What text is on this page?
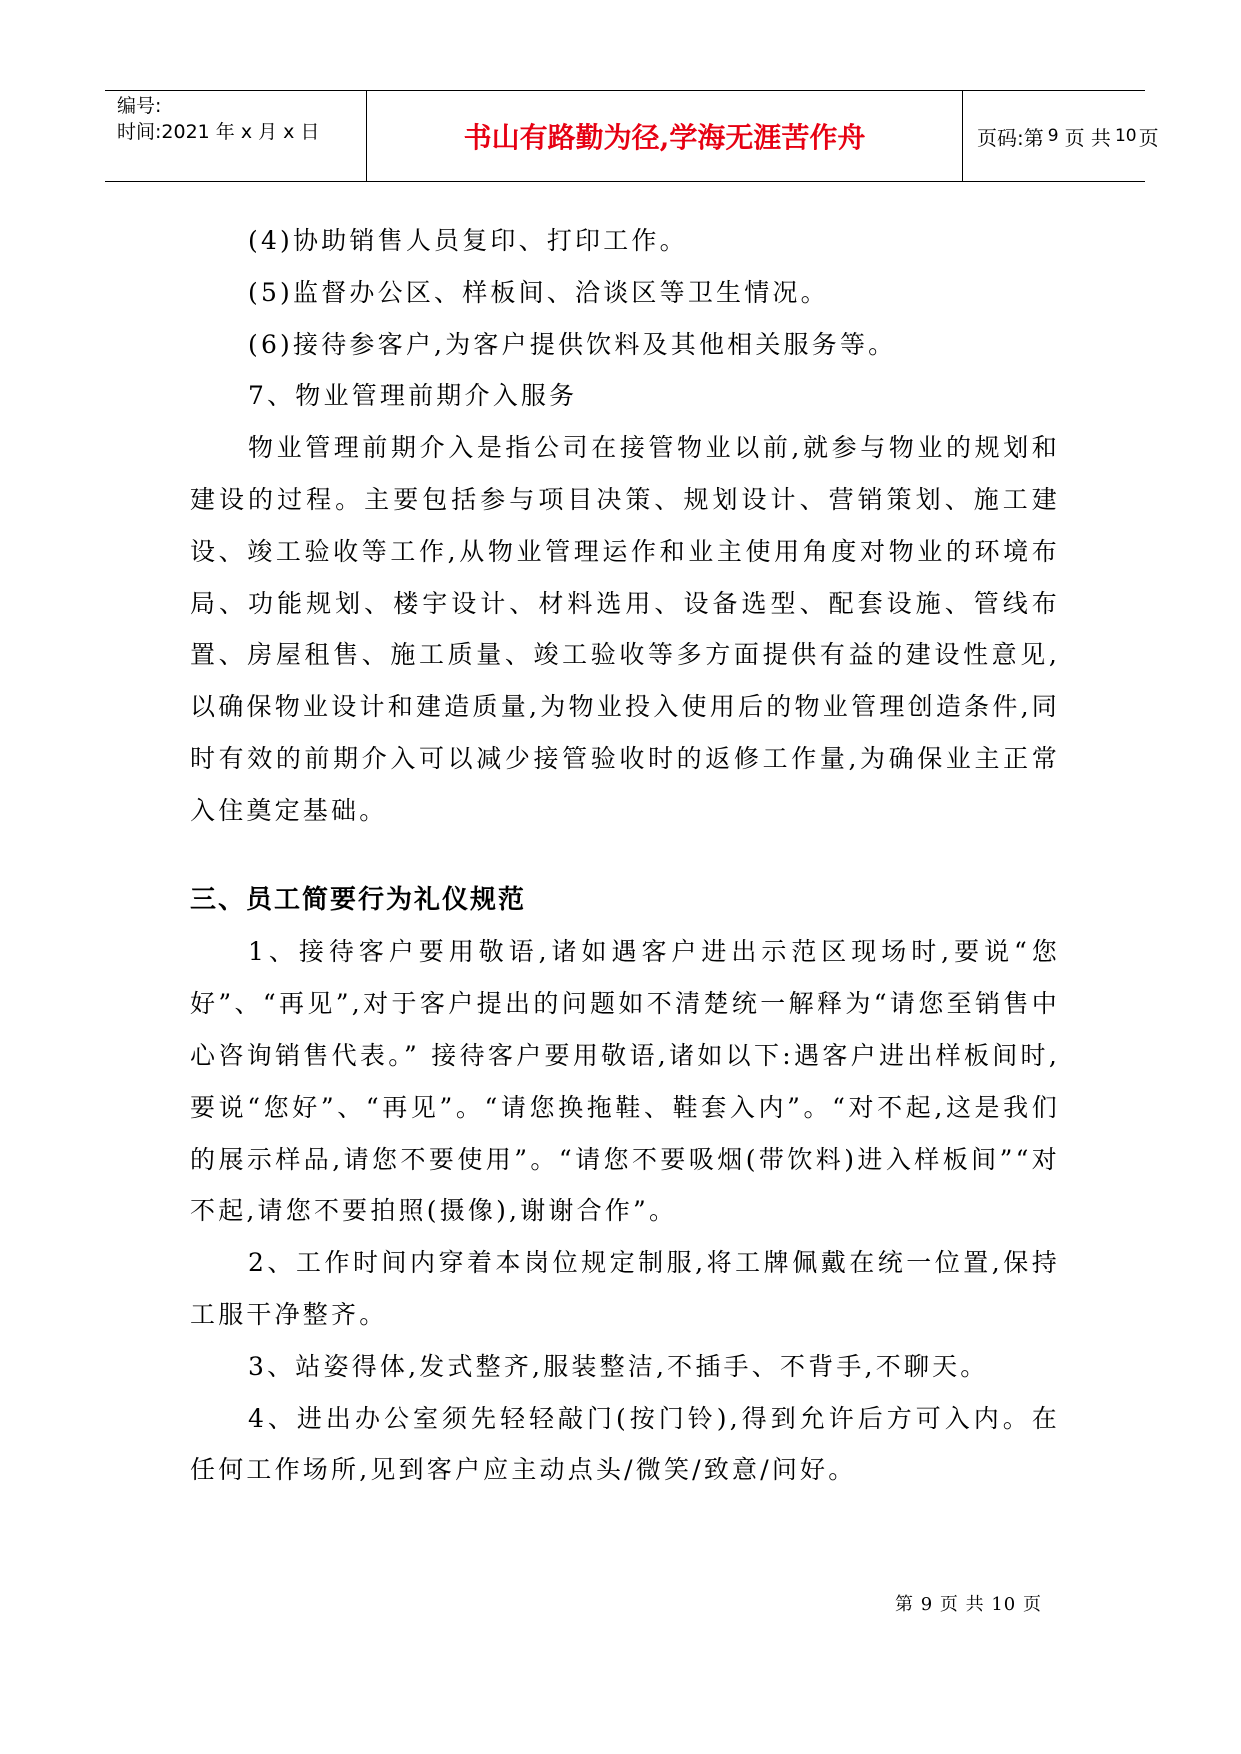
编号:
时间:2021 年 x 月 x 日	书山有路勤为径,学海无涯苦作舟	页码:第 9 页 共 10 页

(4)协助销售人员复印、打印工作。

(5)监督办公区、样板间、洽谈区等卫生情况。

(6)接待参客户,为客户提供饮料及其他相关服务等。

7、物业管理前期介入服务

物业管理前期介入是指公司在接管物业以前,就参与物业的规划和建设的过程。主要包括参与项目决策、规划设计、营销策划、施工建设、竣工验收等工作,从物业管理运作和业主使用角度对物业的环境布局、功能规划、楼宇设计、材料选用、设备选型、配套设施、管线布置、房屋租售、施工质量、竣工验收等多方面提供有益的建设性意见,以确保物业设计和建造质量,为物业投入使用后的物业管理创造条件,同时有效的前期介入可以减少接管验收时的返修工作量,为确保业主正常入住奠定基础。

三、员工简要行为礼仪规范

1、接待客户要用敬语,诸如遇客户进出示范区现场时,要说“您好”、“再见”,对于客户提出的问题如不清楚统一解释为“请您至销售中心咨询销售代表。” 接待客户要用敬语,诸如以下:遇客户进出样板间时,要说“您好”、“再见”。“请您换拖鞋、鞋套入内”。“对不起,这是我们的展示样品,请您不要使用”。“请您不要吸烟(带饮料)进入样板间”“对不起,请您不要拍照(摄像),谢谢合作”。

2、工作时间内穿着本岗位规定制服,将工牌佩戴在统一位置,保持工服干净整齐。

3、站姿得体,发式整齐,服装整洁,不插手、不背手,不聊天。

4、进出办公室须先轻轻敲门(按门铃),得到允许后方可入内。在任何工作场所,见到客户应主动点头/微笑/致意/问好。

第 9 页 共 10 页
